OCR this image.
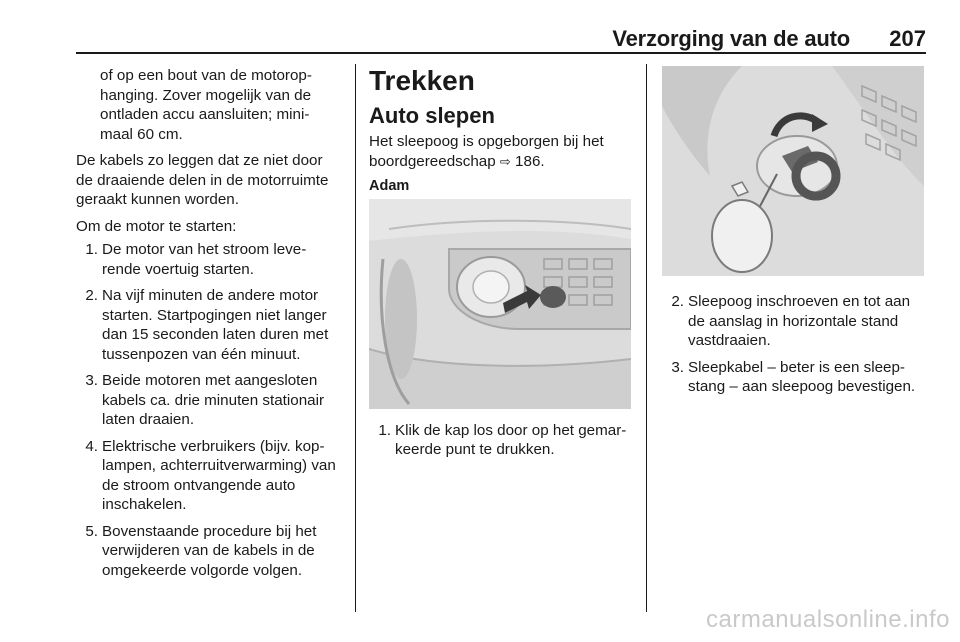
Verzorging van de auto	207

of op een bout van de motorop-
hanging. Zover mogelijk van de
ontladen accu aansluiten; mini-
maal 60 cm.

De kabels zo leggen dat ze niet door de draaiende delen in de motorruimte geraakt kunnen worden.

Om de motor te starten:

1. De motor van het stroom leve-rende voertuig starten.
2. Na vijf minuten de andere motor starten. Startpogingen niet langer dan 15 seconden laten duren met tussenpozen van één minuut.
3. Beide motoren met aangesloten kabels ca. drie minuten stationair laten draaien.
4. Elektrische verbruikers (bijv. kop-lampen, achterruitverwarming) van de stroom ontvangende auto inschakelen.
5. Bovenstaande procedure bij het verwijderen van de kabels in de omgekeerde volgorde volgen.
Trekken
Auto slepen

Het sleepoog is opgeborgen bij het boordgereedschap ⇨ 186.

Adam
1. Klik de kap los door op het gemar-keerde punt te drukken.
2. Sleepoog inschroeven en tot aan de aanslag in horizontale stand vastdraaien.
3. Sleepkabel – beter is een sleep-stang – aan sleepoog bevestigen.
carmanualsonline.info
